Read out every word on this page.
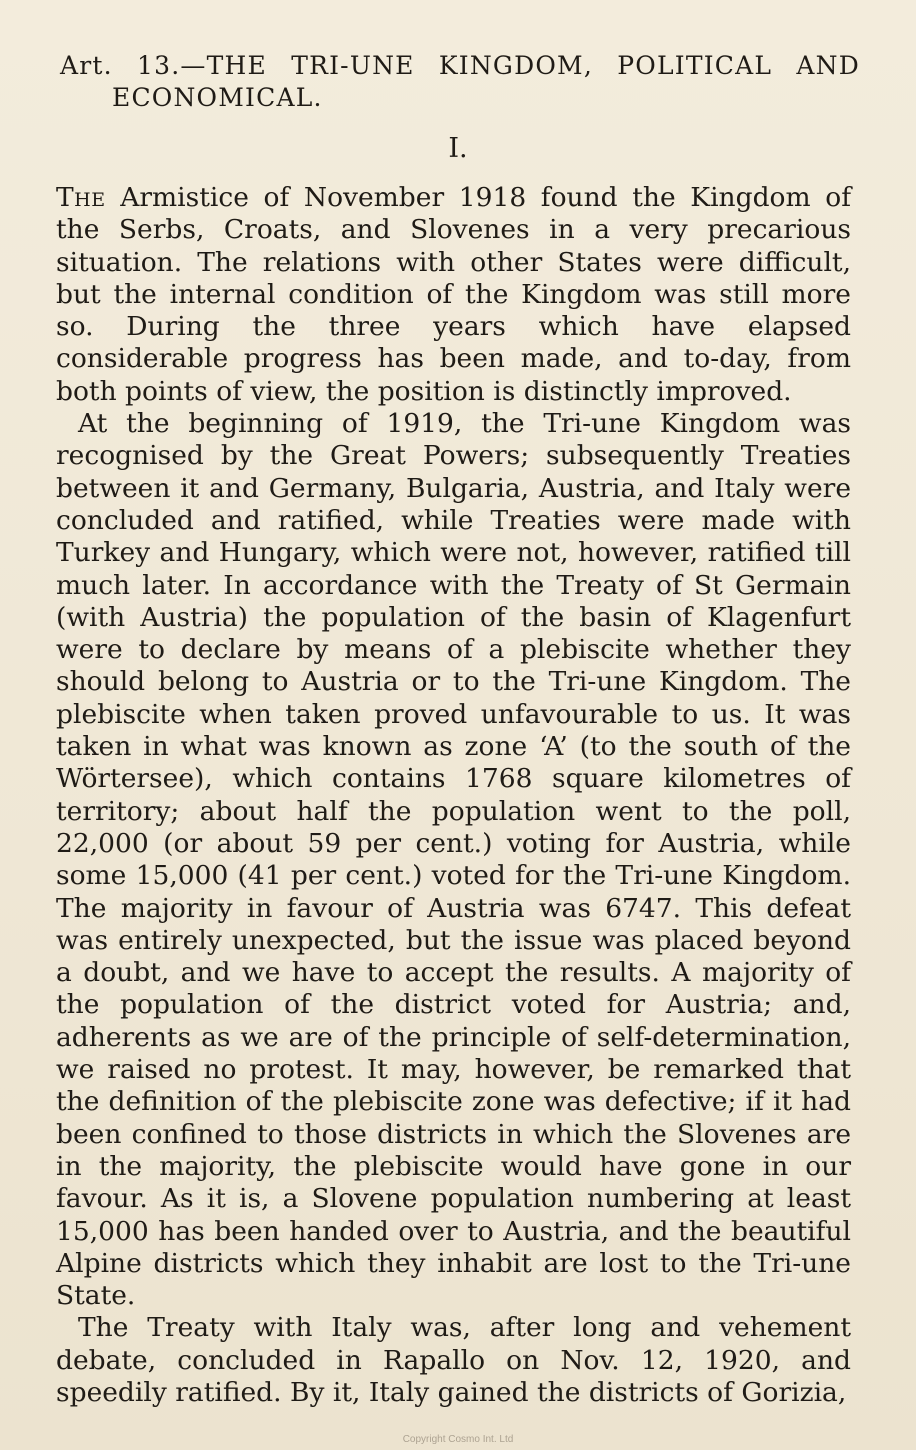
Art. 13.—THE TRI-UNE KINGDOM, POLITICAL AND
ECONOMICAL.
I.

The Armistice of November 1918 found the Kingdom of the Serbs, Croats, and Slovenes in a very precarious situation. The relations with other States were difficult, but the internal condition of the Kingdom was still more so. During the three years which have elapsed considerable progress has been made, and to-day, from both points of view, the position is distinctly improved.

At the beginning of 1919, the Tri-une Kingdom was recognised by the Great Powers; subsequently Treaties between it and Germany, Bulgaria, Austria, and Italy were concluded and ratified, while Treaties were made with Turkey and Hungary, which were not, however, ratified till much later. In accordance with the Treaty of St Germain (with Austria) the population of the basin of Klagenfurt were to declare by means of a plebiscite whether they should belong to Austria or to the Tri-une Kingdom. The plebiscite when taken proved unfavourable to us. It was taken in what was known as zone ‘A’ (to the south of the Wörtersee), which contains 1768 square kilometres of territory; about half the population went to the poll, 22,000 (or about 59 per cent.) voting for Austria, while some 15,000 (41 per cent.) voted for the Tri-une Kingdom. The majority in favour of Austria was 6747. This defeat was entirely unexpected, but the issue was placed beyond a doubt, and we have to accept the results. A majority of the population of the district voted for Austria; and, adherents as we are of the principle of self-determination, we raised no protest. It may, however, be remarked that the definition of the plebiscite zone was defective; if it had been confined to those districts in which the Slovenes are in the majority, the plebiscite would have gone in our favour. As it is, a Slovene population numbering at least 15,000 has been handed over to Austria, and the beautiful Alpine districts which they inhabit are lost to the Tri-une State.

The Treaty with Italy was, after long and vehement debate, concluded in Rapallo on Nov. 12, 1920, and speedily ratified. By it, Italy gained the districts of Gorizia,

Copyright Cosmo Int. Ltd
